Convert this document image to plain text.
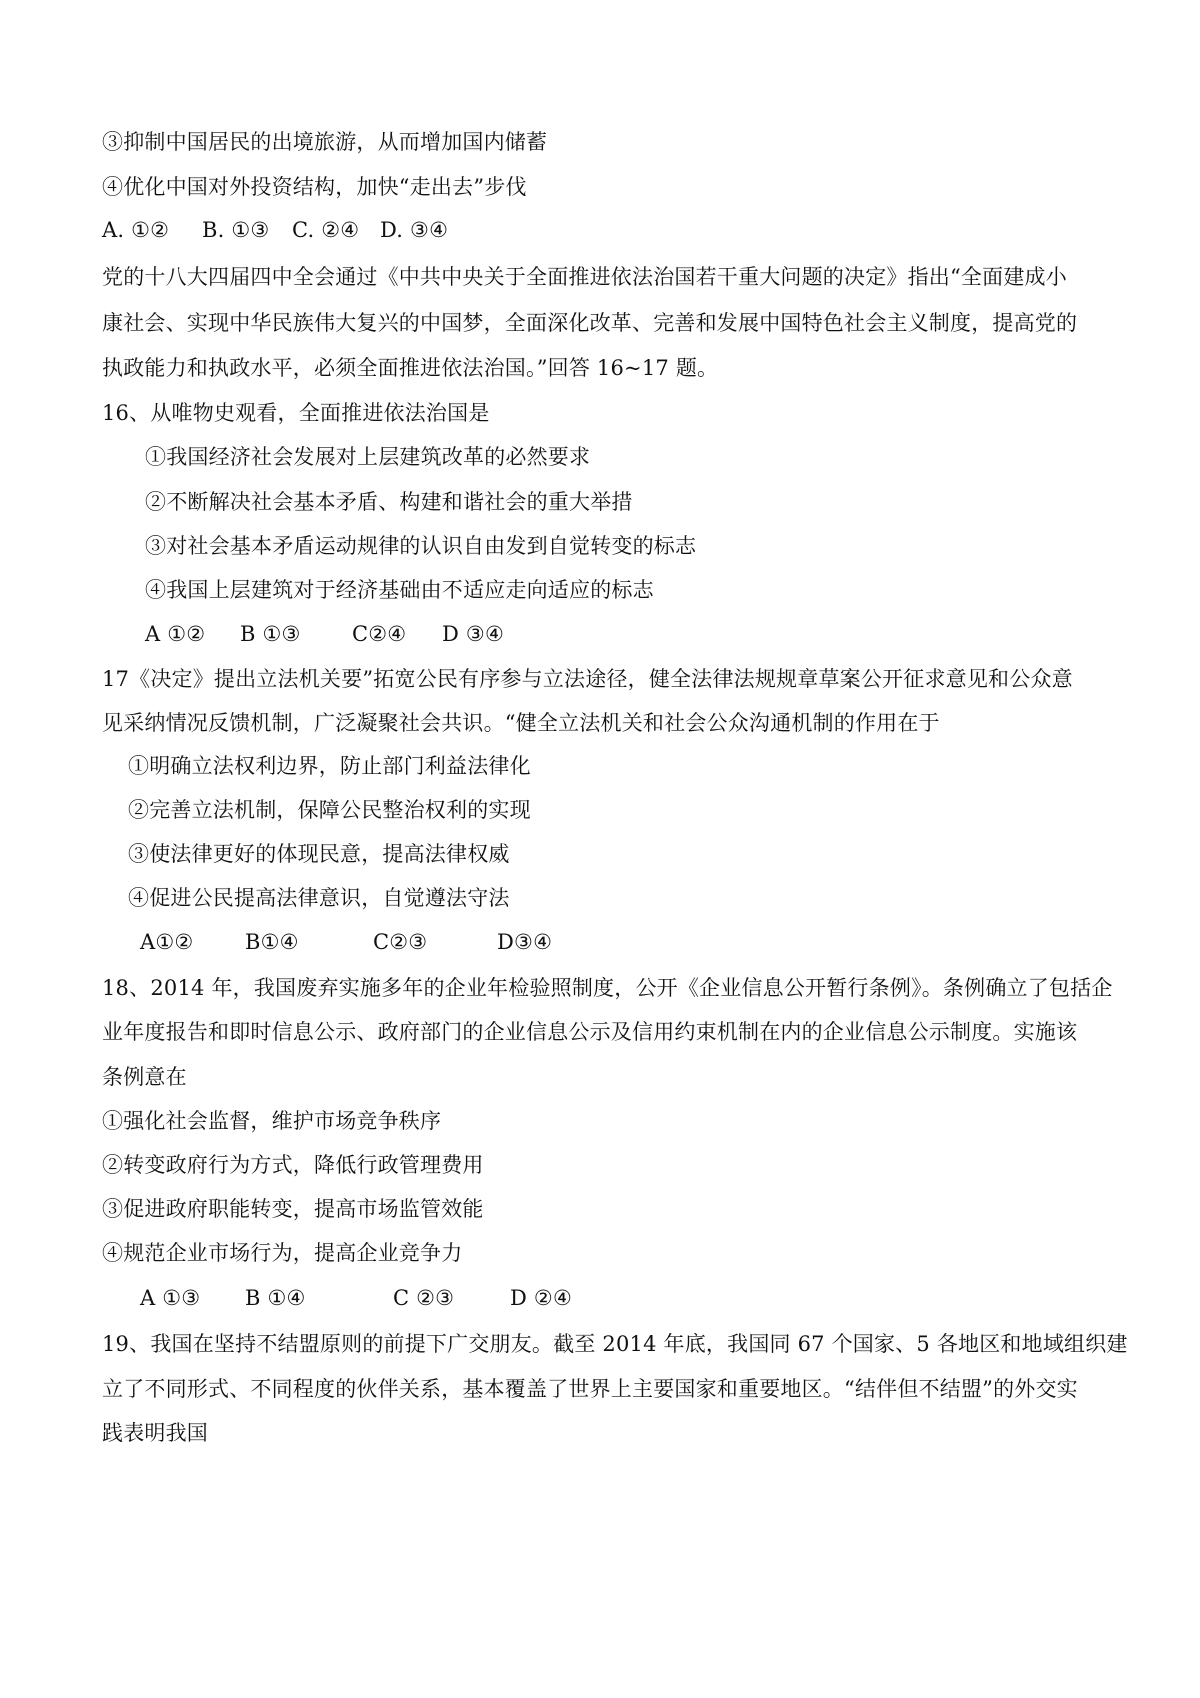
③抑制中国居民的出境旅游，从而增加国内储蓄
④优化中国对外投资结构，加快“走出去”步伐
A. ①② B. ①③ C. ②④ D. ③④
党的十八大四届四中全会通过《中共中央关于全面推进依法治国若干重大问题的决定》指出“全面建成小
康社会、实现中华民族伟大复兴的中国梦，全面深化改革、完善和发展中国特色社会主义制度，提高党的
执政能力和执政水平，必须全面推进依法治国。”回答 16~17 题。
16、从唯物史观看，全面推进依法治国是
①我国经济社会发展对上层建筑改革的必然要求
②不断解决社会基本矛盾、构建和谐社会的重大举措
③对社会基本矛盾运动规律的认识自由发到自觉转变的标志
④我国上层建筑对于经济基础由不适应走向适应的标志
A ①② B ①③ C②④ D ③④
17《决定》提出立法机关要”拓宽公民有序参与立法途径，健全法律法规规章草案公开征求意见和公众意
见采纳情况反馈机制，广泛凝聚社会共识。“健全立法机关和社会公众沟通机制的作用在于
①明确立法权利边界，防止部门利益法律化
②完善立法机制，保障公民整治权利的实现
③使法律更好的体现民意，提高法律权威
④促进公民提高法律意识，自觉遵法守法
A①② B①④	C②③	D③④
18、2014 年，我国废弃实施多年的企业年检验照制度，公开《企业信息公开暂行条例》。条例确立了包括企
业年度报告和即时信息公示、政府部门的企业信息公示及信用约束机制在内的企业信息公示制度。实施该
条例意在
①强化社会监督，维护市场竞争秩序
②转变政府行为方式，降低行政管理费用
③促进政府职能转变，提高市场监管效能
④规范企业市场行为，提高企业竞争力
A ①③ B ①④	C ②③	D ②④
19、我国在坚持不结盟原则的前提下广交朋友。截至 2014 年底，我国同 67 个国家、5 各地区和地域组织建
立了不同形式、不同程度的伙伴关系，基本覆盖了世界上主要国家和重要地区。“结伴但不结盟”的外交实
践表明我国
